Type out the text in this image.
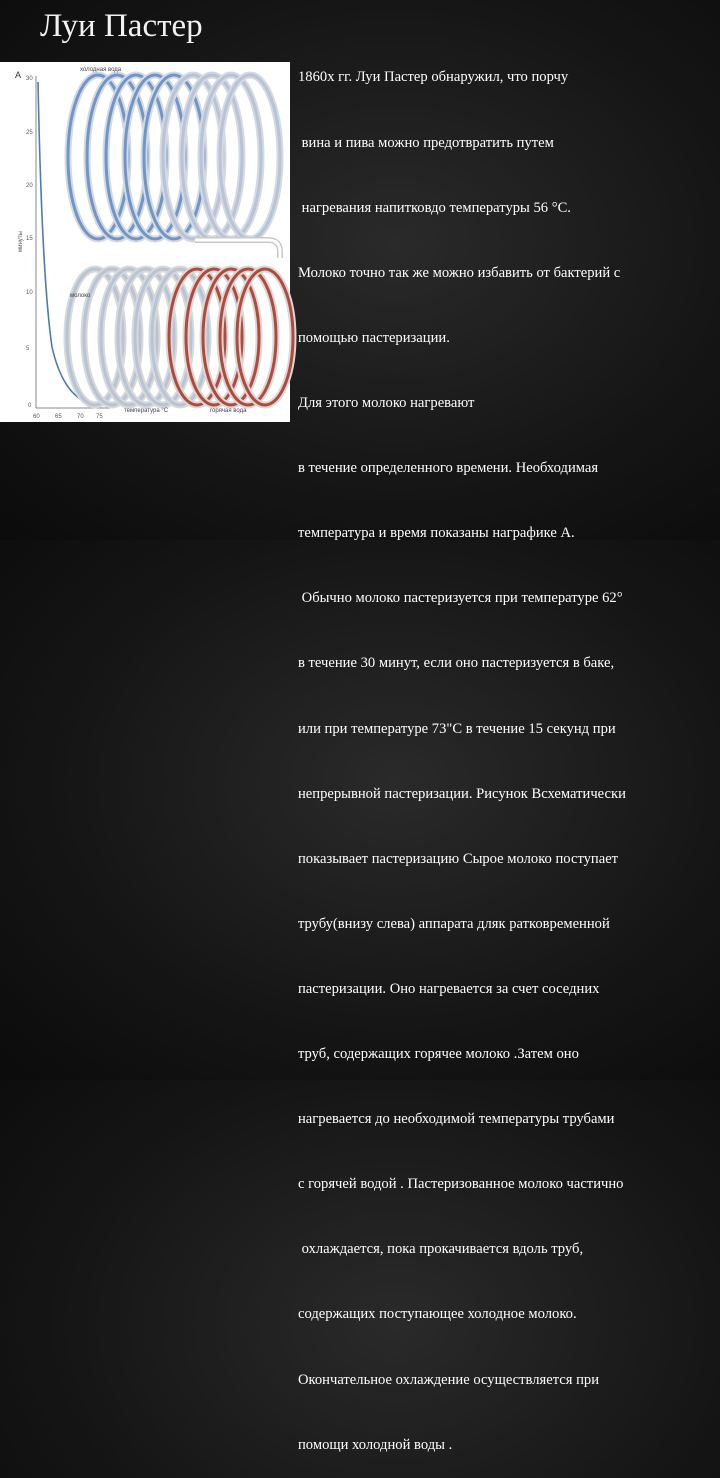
Луи Пастер
А
минуты
30
25
20
15
10
5
0
60	65	70 75
холодная вода
молоко
температура °C	горячая вода

1860х гг. Луи Пастер обнаружил, что порчу

вина и пива можно предотвратить путем

нагревания напитковдо температуры 56 °С.

Молоко точно так же можно избавить от бактерий с

помощью пастеризации.

Для этого молоко нагревают

в течение определенного времени. Необходимая

температура и время показаны награфике А.

Обычно молоко пастеризуется при температуре 62°

в течение 30 минут, если оно пастеризуется в баке,

или при температуре 73"С в течение 15 секунд при

непрерывной пастеризации. Рисунок Всхематически

показывает пастеризацию Сырое молоко поступает

трубу(внизу слева) аппарата дляк ратковременной

пастеризации. Оно нагревается за счет соседних

труб, содержащих горячее молоко .Затем оно

нагревается до необходимой температуры трубами

с горячей водой . Пастеризованное молоко частично

охлаждается, пока прокачивается вдоль труб,

содержащих поступающее холодное молоко.

Окончательное охлаждение осуществляется при

помощи холодной воды .
